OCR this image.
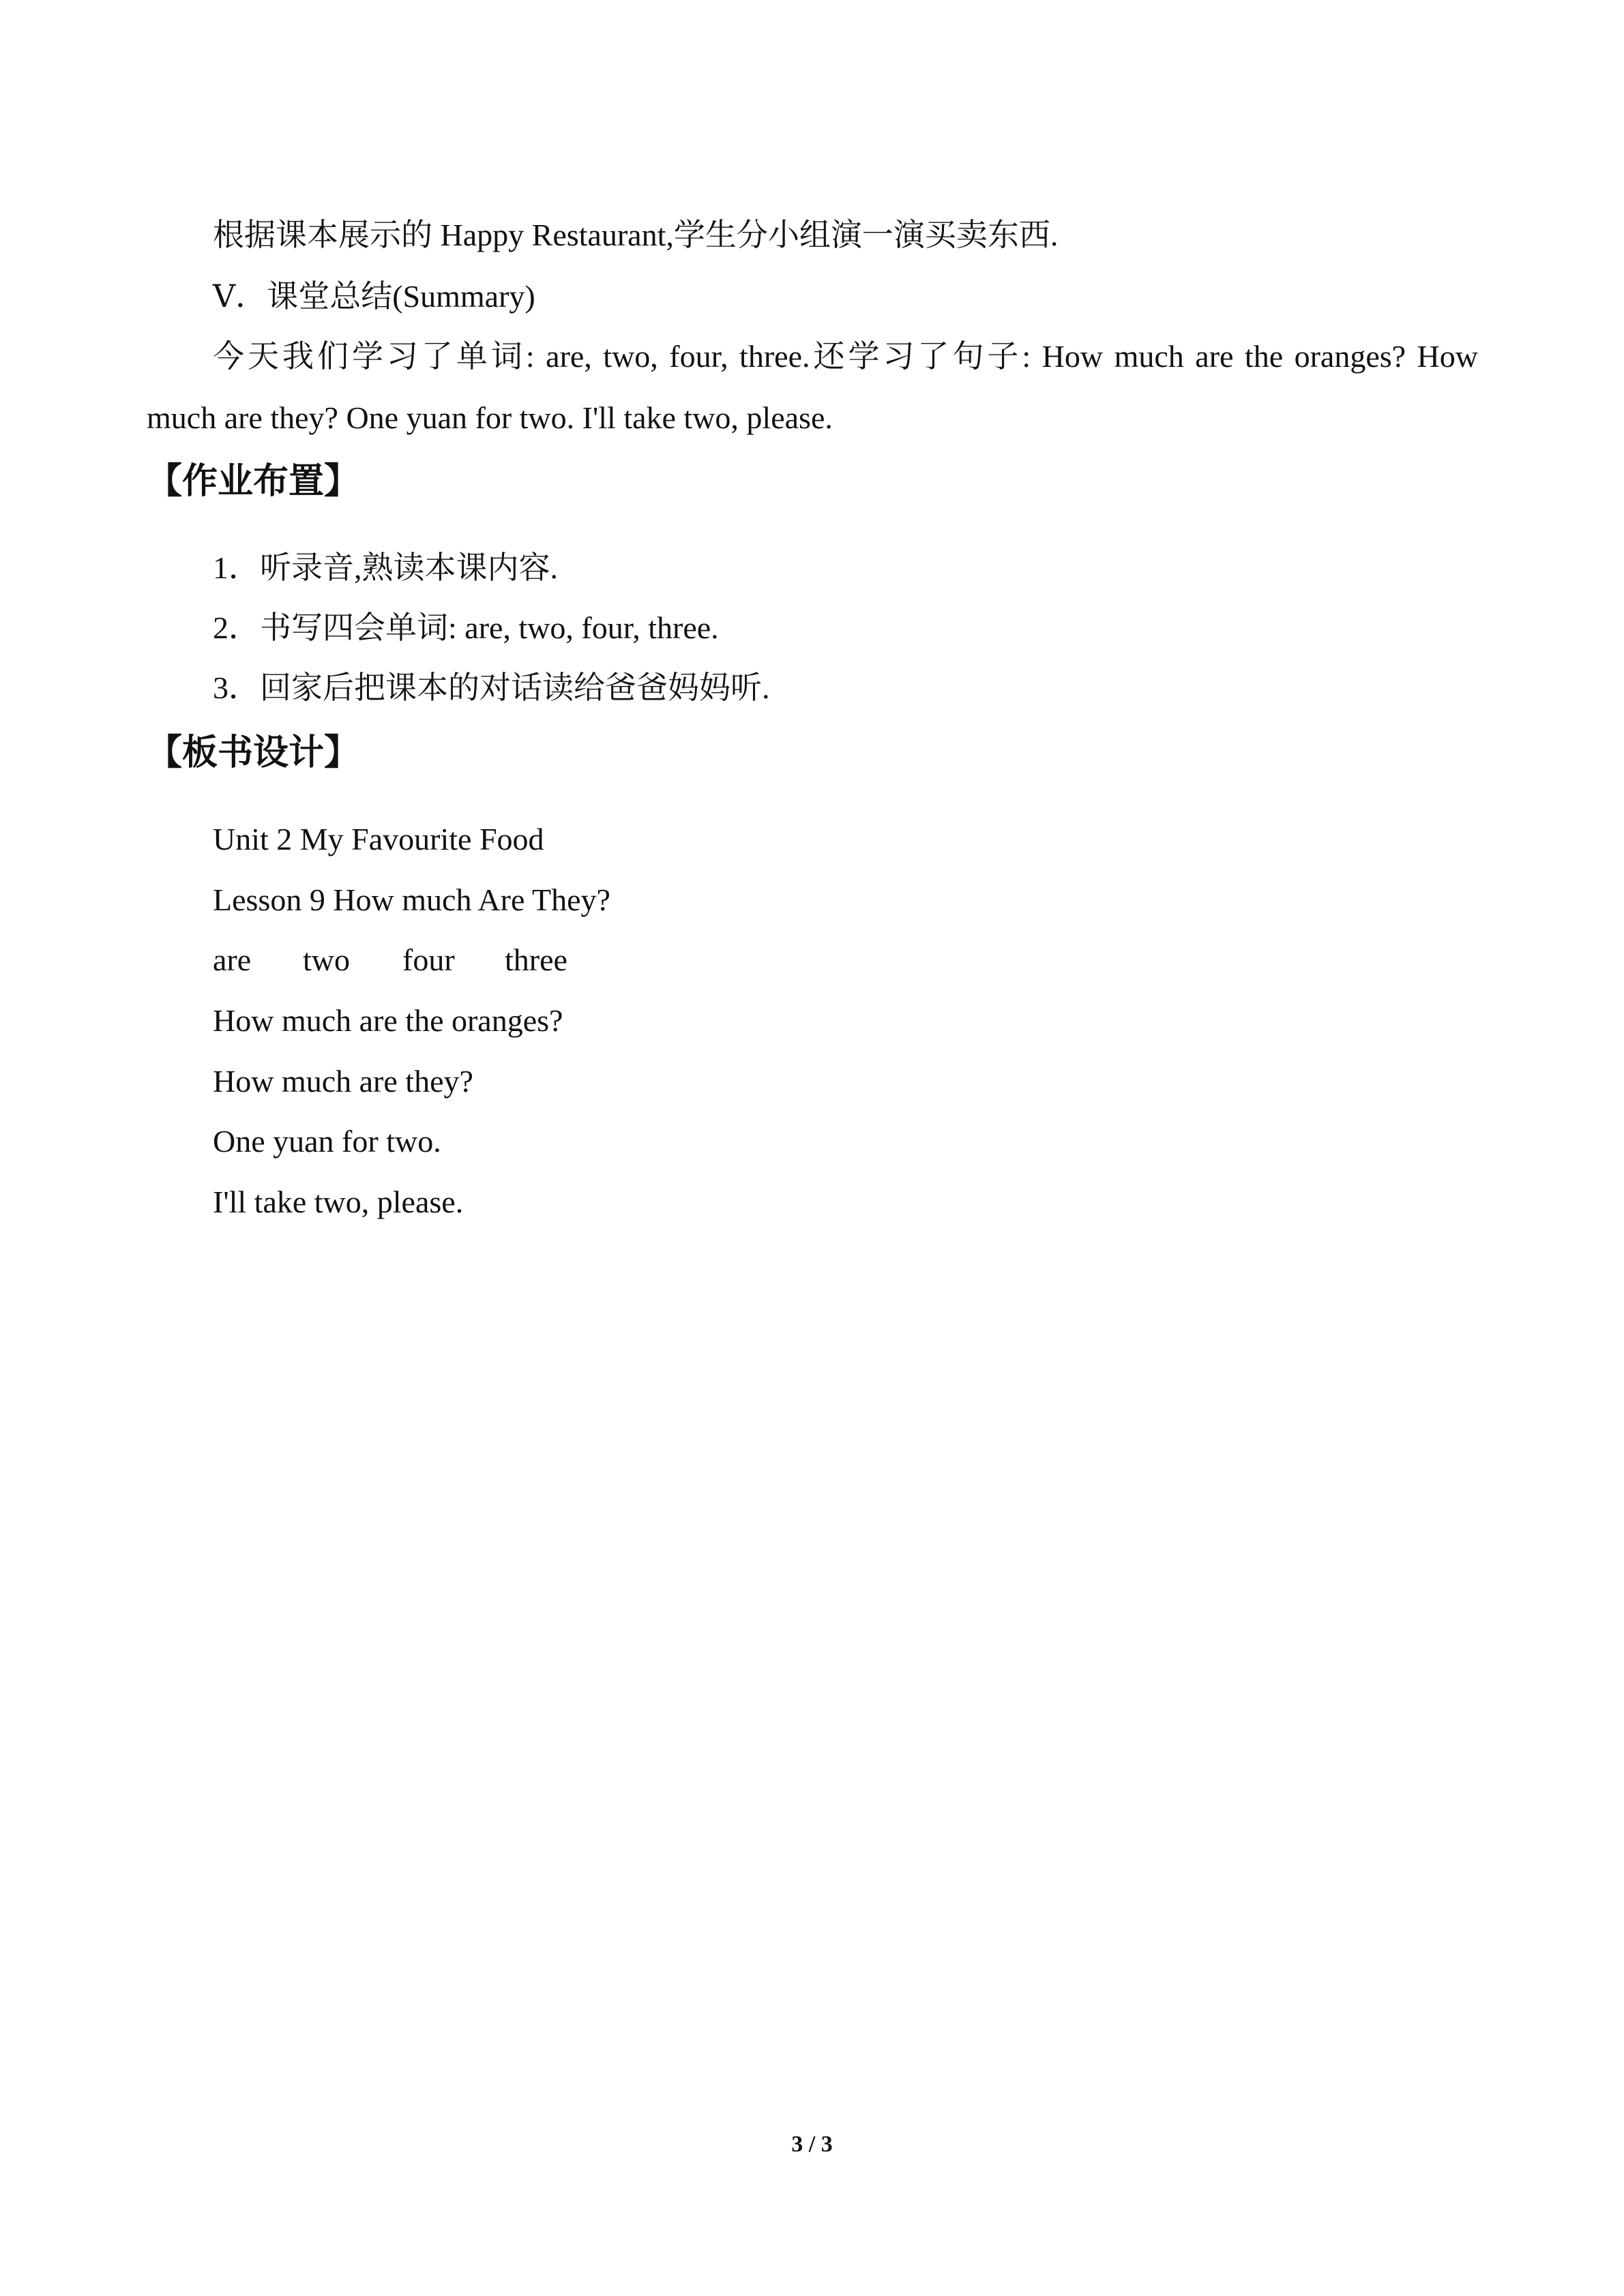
根据课本展示的 Happy Restaurant,学生分小组演一演买卖东西.
Ⅴ．课堂总结(Summary)
今天我们学习了单词: are, two, four, three.还学习了句子: How much are the oranges? How
much are they? One yuan for two. I'll take two, please.
【作业布置】
1．听录音,熟读本课内容.
2．书写四会单词: are, two, four, three.
3．回家后把课本的对话读给爸爸妈妈听.
【板书设计】
Unit 2 My Favourite Food
Lesson 9 How much Are They?
are two four three
How much are the oranges?
How much are they?
One yuan for two.
I'll take two, please.
3 / 3
